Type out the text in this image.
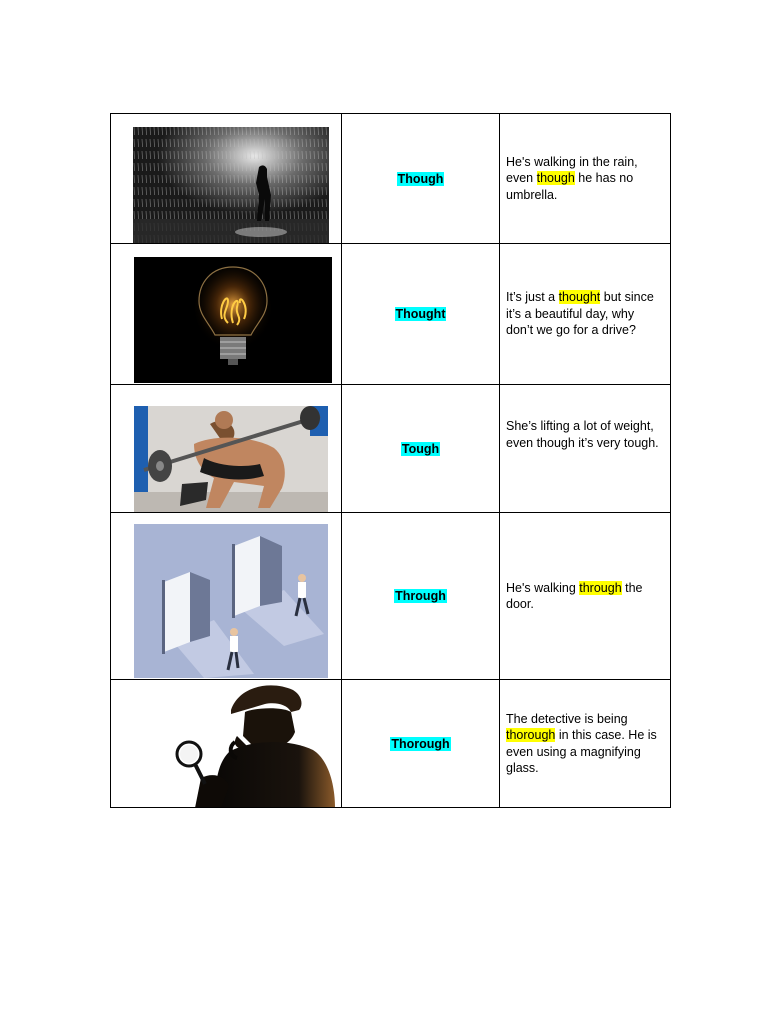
	Though	He's walking in the rain, even though he has no umbrella.

	Thought	It’s just a thought but since it’s a beautiful day, why don’t we go for a drive?

	Tough	She’s lifting a lot of weight, even though it’s very tough.

	Through	He's walking through the door.

	Thorough	The detective is being thorough in this case. He is even using a magnifying glass.
